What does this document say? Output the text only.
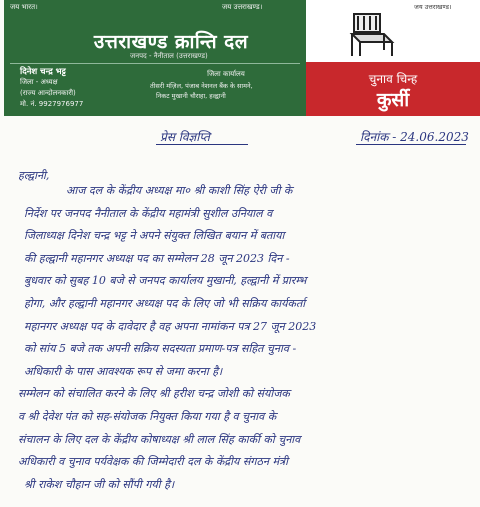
जय भारत।	जय उत्तराखण्ड।
उत्तराखण्ड क्रान्ति दल
जनपद - नैनीताल (उत्तराखण्ड)
दिनेश चन्द्र भट्ट
जिला - अध्यक्ष
(राज्य आन्दोलनकारी)
मो. नं. 9927976977
जिला कार्यालय
तीसरी मंज़िल, पंजाब नेशनल बैंक के सामने,
निकट मुखानी चौराहा, हल्द्वानी
जय उत्तराखण्ड।
चुनाव चिन्ह
कुर्सी
प्रेस विज्ञप्ति	दिनांक - 24.06.2023
हल्द्वानी,
आज दल के केंद्रीय अध्यक्ष मा० श्री काशी सिंह ऐरी जी के
निर्देश पर जनपद नैनीताल के केंद्रीय महामंत्री सुशील उनियाल व
जिलाध्यक्ष दिनेश चन्द्र भट्ट ने अपने संयुक्त लिखित बयान में बताया
की हल्द्वानी महानगर अध्यक्ष पद का सम्मेलन 28 जून 2023 दिन -
बुधवार को सुबह 10 बजे से जनपद कार्यालय मुखानी, हल्द्वानी में प्रारम्भ
होगा, और हल्द्वानी महानगर अध्यक्ष पद के लिए जो भी सक्रिय कार्यकर्ता
महानगर अध्यक्ष पद के दावेदार है वह अपना नामांकन पत्र 27 जून 2023
को सांय 5 बजे तक अपनी सक्रिय सदस्यता प्रमाण-पत्र सहित चुनाव -
अधिकारी के पास आवश्यक रूप से जमा करना है।
सम्मेलन को संचालित करने के लिए श्री हरीश चन्द्र जोशी को संयोजक
व श्री देवेश पंत को सह-संयोजक नियुक्त किया गया है व चुनाव के
संचालन के लिए दल के केंद्रीय कोषाध्यक्ष श्री लाल सिंह कार्की को चुनाव
अधिकारी व चुनाव पर्यवेक्षक की जिम्मेदारी दल के केंद्रीय संगठन मंत्री
श्री राकेश चौहान जी को सौंपी गयी है।
